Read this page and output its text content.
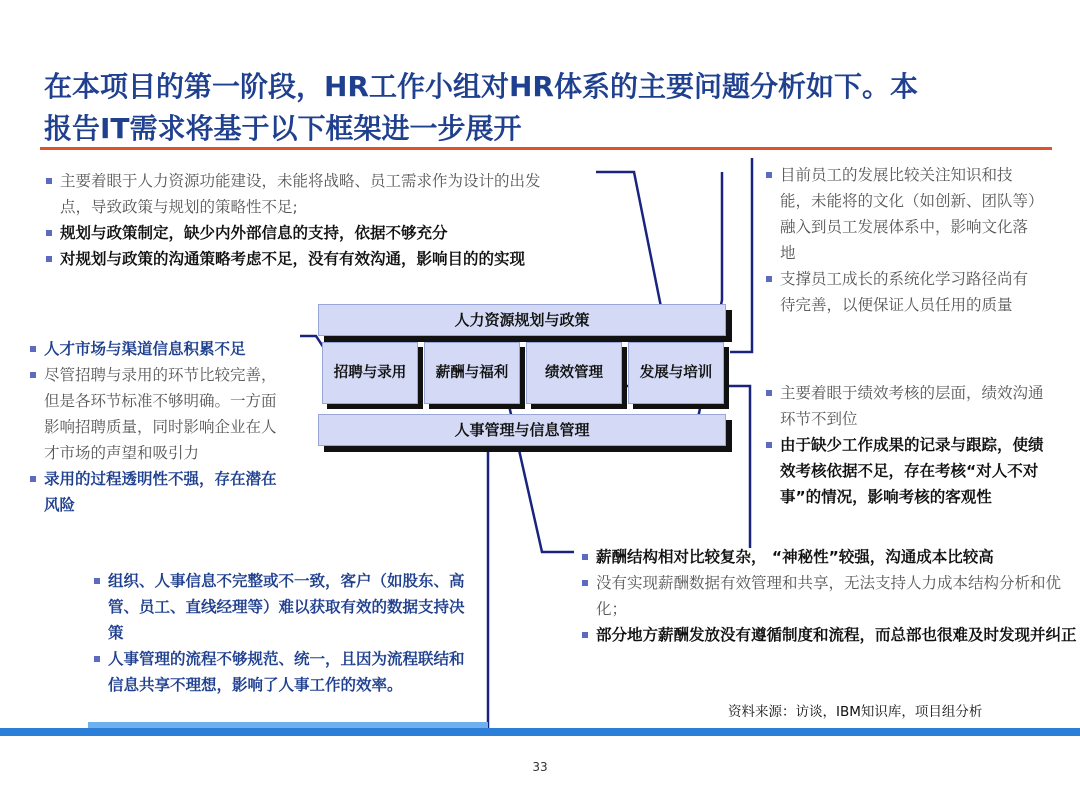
在本项目的第一阶段，HR工作小组对HR体系的主要问题分析如下。本报告IT需求将基于以下框架进一步展开
人力资源规划与政策
招聘与录用	薪酬与福利	绩效管理	发展与培训
人事管理与信息管理
主要着眼于人力资源功能建设，未能将战略、员工需求作为设计的出发点，导致政策与规划的策略性不足;
规划与政策制定，缺少内外部信息的支持，依据不够充分
对规划与政策的沟通策略考虑不足，没有有效沟通，影响目的的实现
人才市场与渠道信息积累不足
尽管招聘与录用的环节比较完善，但是各环节标准不够明确。一方面影响招聘质量，同时影响企业在人才市场的声望和吸引力
录用的过程透明性不强，存在潜在风险
组织、人事信息不完整或不一致，客户（如股东、高管、员工、直线经理等）难以获取有效的数据支持决策
人事管理的流程不够规范、统一，且因为流程联结和信息共享不理想，影响了人事工作的效率。
目前员工的发展比较关注知识和技能，未能将的文化（如创新、团队等）融入到员工发展体系中，影响文化落地
支撑员工成长的系统化学习路径尚有待完善，以便保证人员任用的质量
主要着眼于绩效考核的层面，绩效沟通环节不到位
由于缺少工作成果的记录与跟踪，使绩效考核依据不足，存在考核“对人不对事”的情况，影响考核的客观性
薪酬结构相对比较复杂， “神秘性”较强，沟通成本比较高
没有实现薪酬数据有效管理和共享，无法支持人力成本结构分析和优化；
部分地方薪酬发放没有遵循制度和流程，而总部也很难及时发现并纠正
资料来源：访谈，IBM知识库，项目组分析
33
